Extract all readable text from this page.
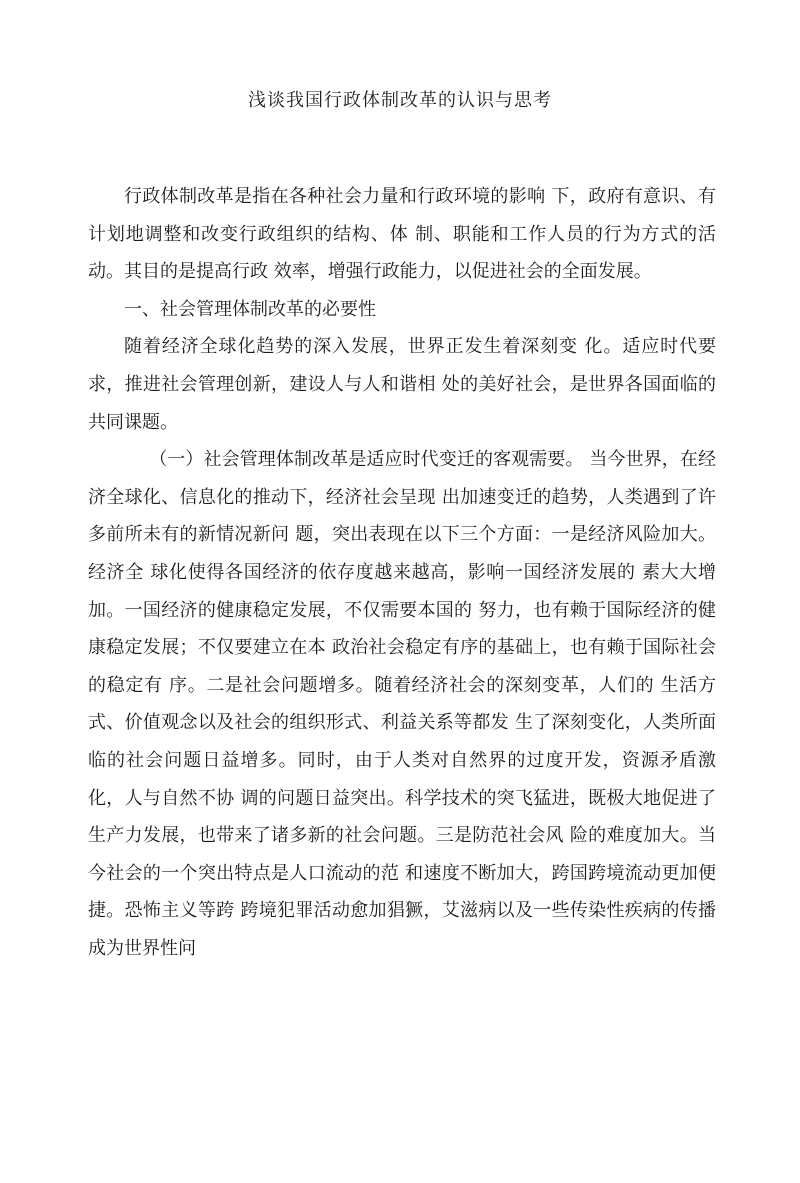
浅谈我国行政体制改革的认识与思考

行政体制改革是指在各种社会力量和行政环境的影响 下，政府有意识、有计划地调整和改变行政组织的结构、体 制、职能和工作人员的行为方式的活动。其目的是提高行政 效率，增强行政能力，以促进社会的全面发展。

一、社会管理体制改革的必要性

随着经济全球化趋势的深入发展，世界正发生着深刻变 化。适应时代要求，推进社会管理创新，建设人与人和谐相 处的美好社会，是世界各国面临的共同课题。

（一）社会管理体制改革是适应时代变迁的客观需要。 当今世界，在经济全球化、信息化的推动下，经济社会呈现 出加速变迁的趋势，人类遇到了许多前所未有的新情况新问 题，突出表现在以下三个方面：一是经济风险加大。经济全 球化使得各国经济的依存度越来越高，影响一国经济发展的 素大大增加。一国经济的健康稳定发展，不仅需要本国的 努力，也有赖于国际经济的健康稳定发展；不仅要建立在本 政治社会稳定有序的基础上，也有赖于国际社会的稳定有 序。二是社会问题增多。随着经济社会的深刻变革，人们的 生活方式、价值观念以及社会的组织形式、利益关系等都发 生了深刻变化，人类所面临的社会问题日益增多。同时，由于人类对自然界的过度开发，资源矛盾激化，人与自然不协 调的问题日益突出。科学技术的突飞猛进，既极大地促进了 生产力发展，也带来了诸多新的社会问题。三是防范社会风 险的难度加大。当今社会的一个突出特点是人口流动的范 和速度不断加大，跨国跨境流动更加便捷。恐怖主义等跨 跨境犯罪活动愈加猖獗，艾滋病以及一些传染性疾病的传播 成为世界性问
